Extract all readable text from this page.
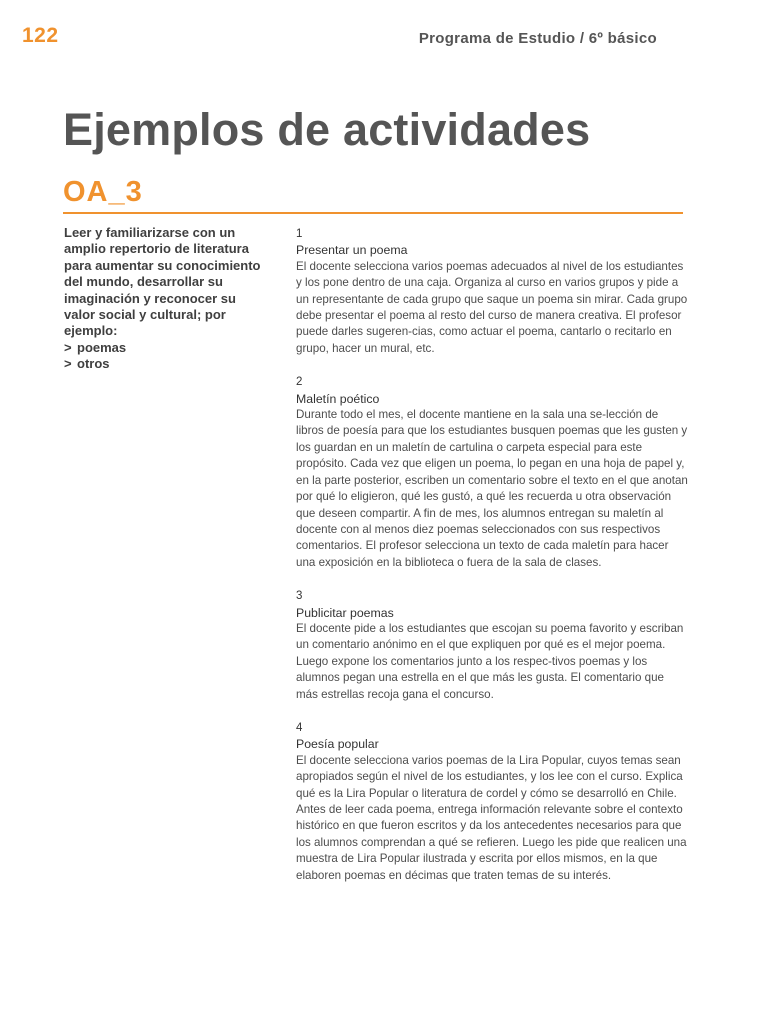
122	Programa de Estudio / 6º básico
Ejemplos de actividades
OA_3
Leer y familiarizarse con un amplio repertorio de literatura para aumentar su conocimiento del mundo, desarrollar su imaginación y reconocer su valor social y cultural; por ejemplo:
> poemas
> otros
1
Presentar un poema
El docente selecciona varios poemas adecuados al nivel de los estudiantes y los pone dentro de una caja. Organiza al curso en varios grupos y pide a un representante de cada grupo que saque un poema sin mirar. Cada grupo debe presentar el poema al resto del curso de manera creativa. El profesor puede darles sugeren-cias, como actuar el poema, cantarlo o recitarlo en grupo, hacer un mural, etc.
2
Maletín poético
Durante todo el mes, el docente mantiene en la sala una se-lección de libros de poesía para que los estudiantes busquen poemas que les gusten y los guardan en un maletín de cartulina o carpeta especial para este propósito. Cada vez que eligen un poema, lo pegan en una hoja de papel y, en la parte posterior, escriben un comentario sobre el texto en el que anotan por qué lo eligieron, qué les gustó, a qué les recuerda u otra observación que deseen compartir. A fin de mes, los alumnos entregan su maletín al docente con al menos diez poemas seleccionados con sus respectivos comentarios. El profesor selecciona un texto de cada maletín para hacer una exposición en la biblioteca o fuera de la sala de clases.
3
Publicitar poemas
El docente pide a los estudiantes que escojan su poema favorito y escriban un comentario anónimo en el que expliquen por qué es el mejor poema. Luego expone los comentarios junto a los respec-tivos poemas y los alumnos pegan una estrella en el que más les gusta. El comentario que más estrellas recoja gana el concurso.
4
Poesía popular
El docente selecciona varios poemas de la Lira Popular, cuyos temas sean apropiados según el nivel de los estudiantes, y los lee con el curso. Explica qué es la Lira Popular o literatura de cordel y cómo se desarrolló en Chile. Antes de leer cada poema, entrega información relevante sobre el contexto histórico en que fueron escritos y da los antecedentes necesarios para que los alumnos comprendan a qué se refieren. Luego les pide que realicen una muestra de Lira Popular ilustrada y escrita por ellos mismos, en la que elaboren poemas en décimas que traten temas de su interés.
